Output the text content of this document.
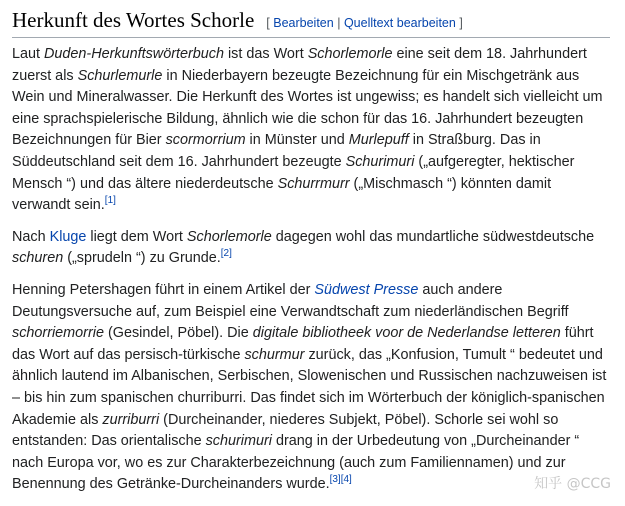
Herkunft des Wortes Schorle [ Bearbeiten | Quelltext bearbeiten ]

Laut Duden-Herkunftswörterbuch ist das Wort Schorlemorle eine seit dem 18. Jahrhundert zuerst als Schurlemurle in Niederbayern bezeugte Bezeichnung für ein Mischgetränk aus Wein und Mineralwasser. Die Herkunft des Wortes ist ungewiss; es handelt sich vielleicht um eine sprachspielerische Bildung, ähnlich wie die schon für das 16. Jahrhundert bezeugten Bezeichnungen für Bier scormorrium in Münster und Murlepuff in Straßburg. Das in Süddeutschland seit dem 16. Jahrhundert bezeugte Schurimuri („aufgeregter, hektischer Mensch “) und das ältere niederdeutsche Schurrmurr („Mischmasch “) könnten damit verwandt sein.[1]

Nach Kluge liegt dem Wort Schorlemorle dagegen wohl das mundartliche südwestdeutsche schuren („sprudeln “) zu Grunde.[2]

Henning Petershagen führt in einem Artikel der Südwest Presse auch andere Deutungsversuche auf, zum Beispiel eine Verwandtschaft zum niederländischen Begriff schorriemorrie (Gesindel, Pöbel). Die digitale bibliotheek voor de Nederlandse letteren führt das Wort auf das persisch-türkische schurmur zurück, das „Konfusion, Tumult “ bedeutet und ähnlich lautend im Albanischen, Serbischen, Slowenischen und Russischen nachzuweisen ist – bis hin zum spanischen churriburri. Das findet sich im Wörterbuch der königlich-spanischen Akademie als zurriburri (Durcheinander, niederes Subjekt, Pöbel). Schorle sei wohl so entstanden: Das orientalische schurimuri drang in der Urbedeutung von „Durcheinander “ nach Europa vor, wo es zur Charakterbezeichnung (auch zum Familiennamen) und zur Benennung des Getränke-Durcheinanders wurde.[3][4]	知乎 @CCG
